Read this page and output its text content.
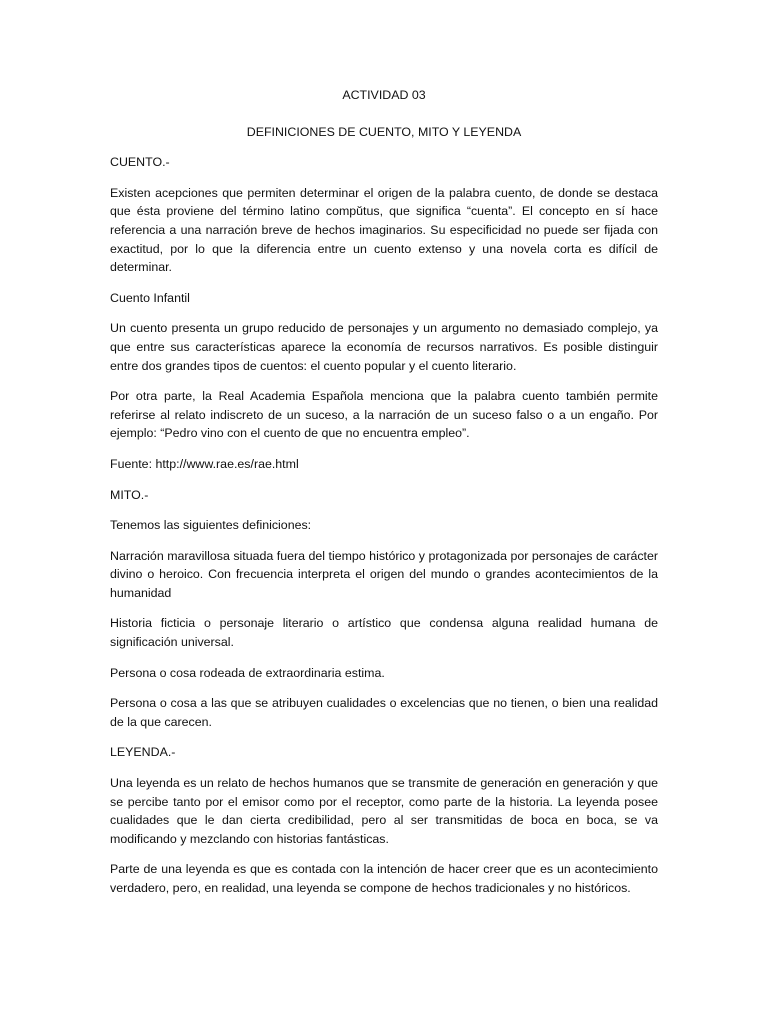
ACTIVIDAD 03

DEFINICIONES DE CUENTO, MITO Y LEYENDA

CUENTO.-

Existen acepciones que permiten determinar el origen de la palabra cuento, de donde se destaca que ésta proviene del término latino compŭtus, que significa “cuenta”. El concepto en sí hace referencia a una narración breve de hechos imaginarios. Su especificidad no puede ser fijada con exactitud, por lo que la diferencia entre un cuento extenso y una novela corta es difícil de determinar.

Cuento Infantil

Un cuento presenta un grupo reducido de personajes y un argumento no demasiado complejo, ya que entre sus características aparece la economía de recursos narrativos. Es posible distinguir entre dos grandes tipos de cuentos: el cuento popular y el cuento literario.

Por otra parte, la Real Academia Española menciona que la palabra cuento también permite referirse al relato indiscreto de un suceso, a la narración de un suceso falso o a un engaño. Por ejemplo: “Pedro vino con el cuento de que no encuentra empleo”.

Fuente: http://www.rae.es/rae.html

MITO.-

Tenemos las siguientes definiciones:

Narración maravillosa situada fuera del tiempo histórico y protagonizada por personajes de carácter divino o heroico. Con frecuencia interpreta el origen del mundo o grandes acontecimientos de la humanidad

Historia ficticia o personaje literario o artístico que condensa alguna realidad humana de significación universal.

Persona o cosa rodeada de extraordinaria estima.

Persona o cosa a las que se atribuyen cualidades o excelencias que no tienen, o bien una realidad de la que carecen.

LEYENDA.-

Una leyenda es un relato de hechos humanos que se transmite de generación en generación y que se percibe tanto por el emisor como por el receptor, como parte de la historia. La leyenda posee cualidades que le dan cierta credibilidad, pero al ser transmitidas de boca en boca, se va modificando y mezclando con historias fantásticas.

Parte de una leyenda es que es contada con la intención de hacer creer que es un acontecimiento verdadero, pero, en realidad, una leyenda se compone de hechos tradicionales y no históricos.
